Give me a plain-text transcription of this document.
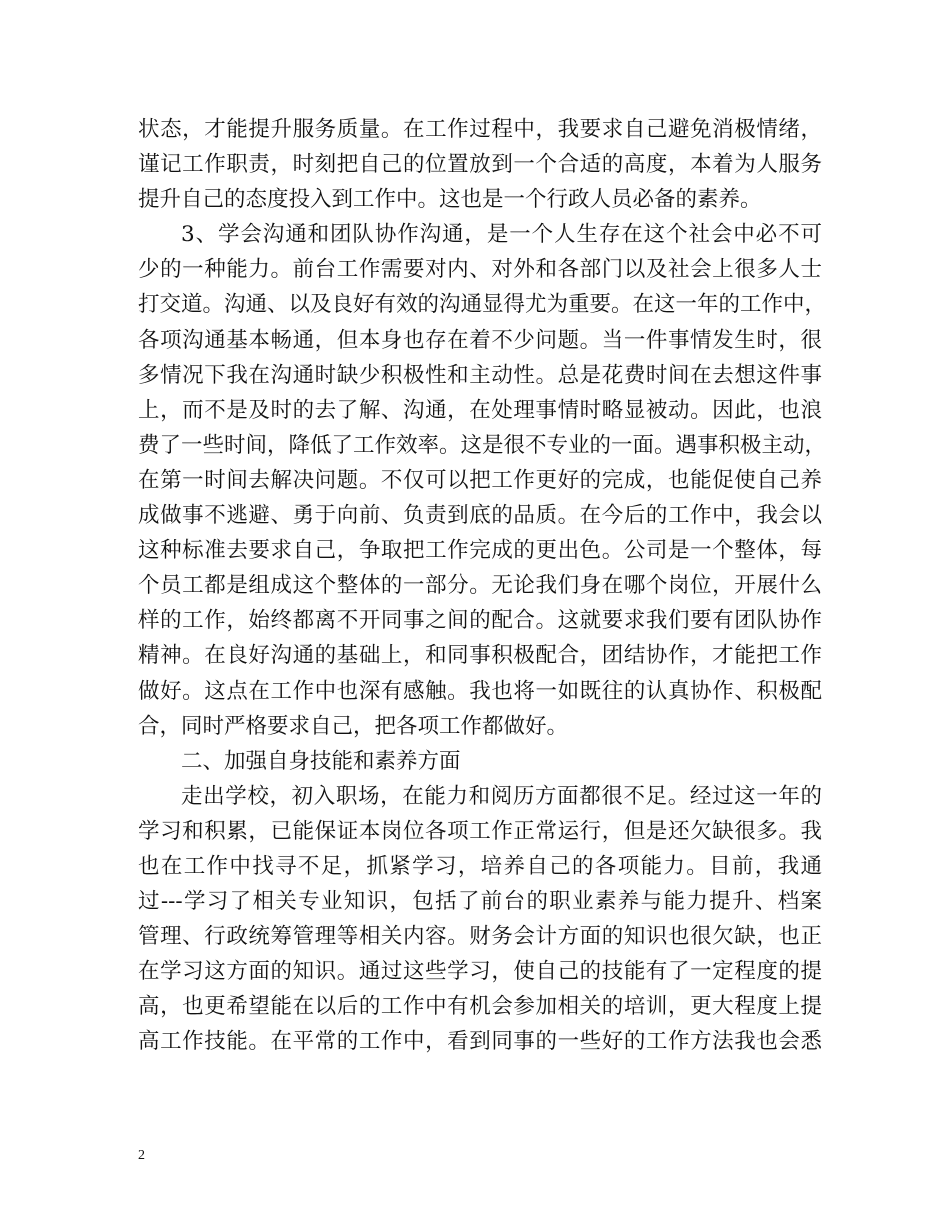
状态，才能提升服务质量。在工作过程中，我要求自己避免消极情绪，
谨记工作职责，时刻把自己的位置放到一个合适的高度，本着为人服务
提升自己的态度投入到工作中。这也是一个行政人员必备的素养。
3、学会沟通和团队协作沟通，是一个人生存在这个社会中必不可
少的一种能力。前台工作需要对内、对外和各部门以及社会上很多人士
打交道。沟通、以及良好有效的沟通显得尤为重要。在这一年的工作中，
各项沟通基本畅通，但本身也存在着不少问题。当一件事情发生时，很
多情况下我在沟通时缺少积极性和主动性。总是花费时间在去想这件事
上，而不是及时的去了解、沟通，在处理事情时略显被动。因此，也浪
费了一些时间，降低了工作效率。这是很不专业的一面。遇事积极主动，
在第一时间去解决问题。不仅可以把工作更好的完成，也能促使自己养
成做事不逃避、勇于向前、负责到底的品质。在今后的工作中，我会以
这种标准去要求自己，争取把工作完成的更出色。公司是一个整体，每
个员工都是组成这个整体的一部分。无论我们身在哪个岗位，开展什么
样的工作，始终都离不开同事之间的配合。这就要求我们要有团队协作
精神。在良好沟通的基础上，和同事积极配合，团结协作，才能把工作
做好。这点在工作中也深有感触。我也将一如既往的认真协作、积极配
合，同时严格要求自己，把各项工作都做好。
二、加强自身技能和素养方面
走出学校，初入职场，在能力和阅历方面都很不足。经过这一年的
学习和积累，已能保证本岗位各项工作正常运行，但是还欠缺很多。我
也在工作中找寻不足，抓紧学习，培养自己的各项能力。目前，我通
过---学习了相关专业知识，包括了前台的职业素养与能力提升、档案
管理、行政统筹管理等相关内容。财务会计方面的知识也很欠缺，也正
在学习这方面的知识。通过这些学习，使自己的技能有了一定程度的提
高，也更希望能在以后的工作中有机会参加相关的培训，更大程度上提
高工作技能。在平常的工作中，看到同事的一些好的工作方法我也会悉
2
